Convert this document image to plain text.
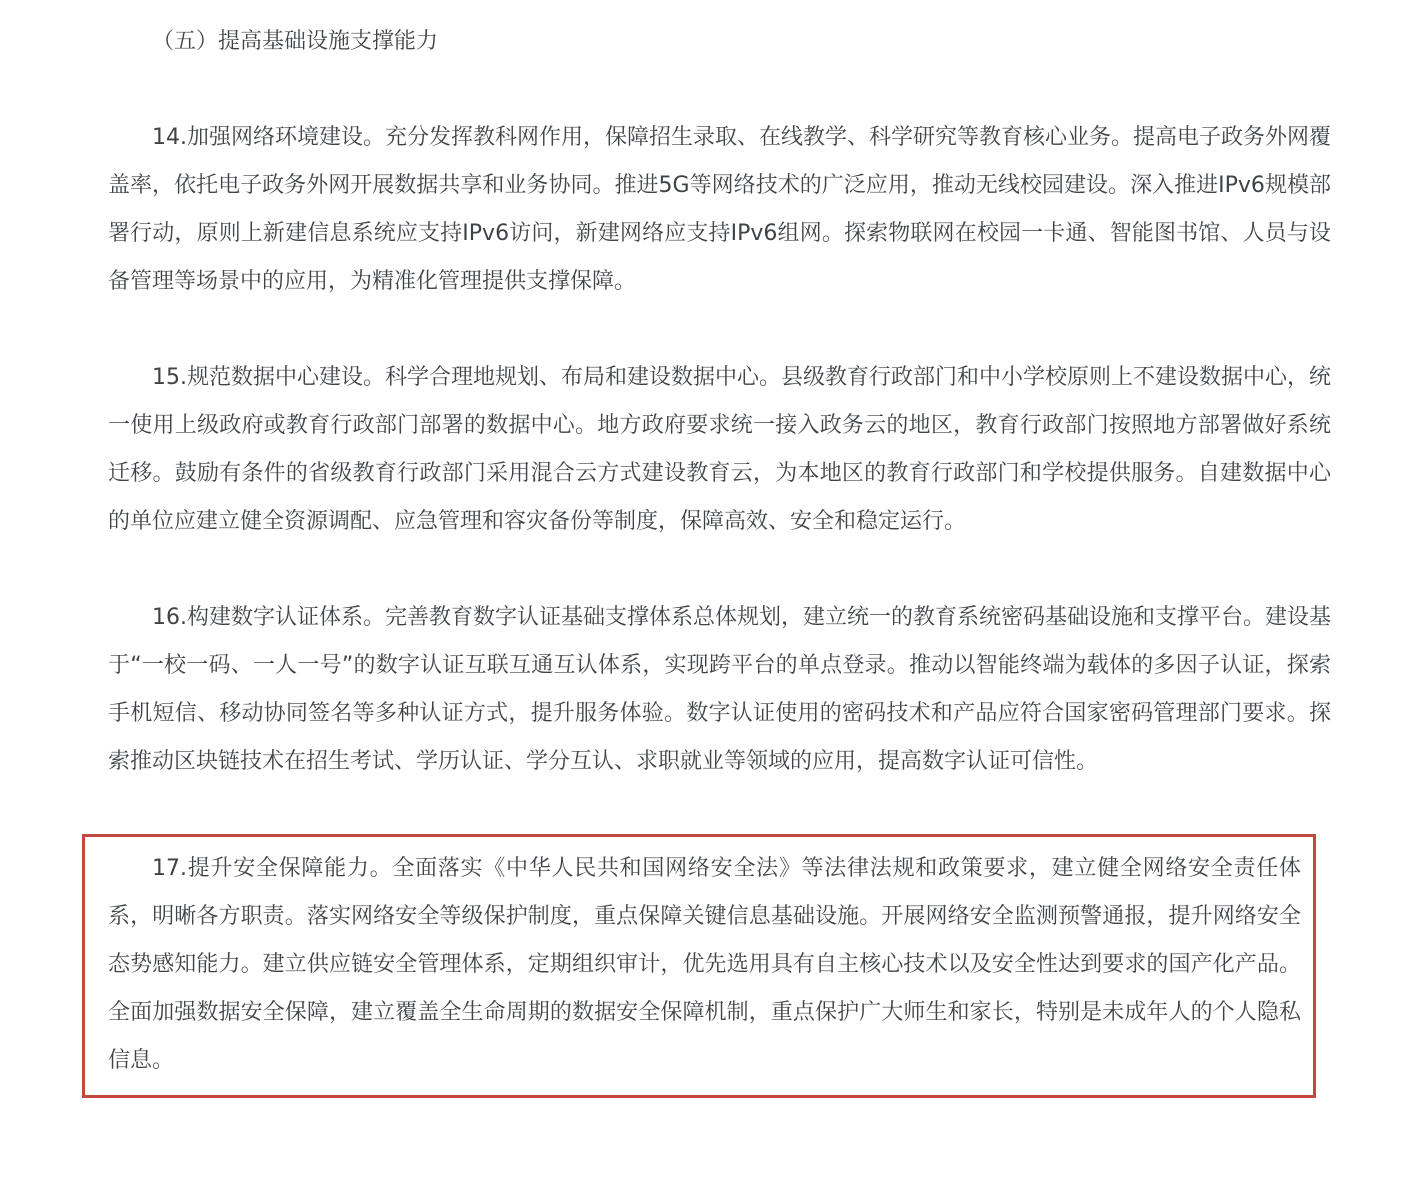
（五）提高基础设施支撑能力

14.加强网络环境建设。充分发挥教科网作用，保障招生录取、在线教学、科学研究等教育核心业务。提高电子政务外网覆盖率，依托电子政务外网开展数据共享和业务协同。推进5G等网络技术的广泛应用，推动无线校园建设。深入推进IPv6规模部署行动，原则上新建信息系统应支持IPv6访问，新建网络应支持IPv6组网。探索物联网在校园一卡通、智能图书馆、人员与设备管理等场景中的应用，为精准化管理提供支撑保障。

15.规范数据中心建设。科学合理地规划、布局和建设数据中心。县级教育行政部门和中小学校原则上不建设数据中心，统一使用上级政府或教育行政部门部署的数据中心。地方政府要求统一接入政务云的地区，教育行政部门按照地方部署做好系统迁移。鼓励有条件的省级教育行政部门采用混合云方式建设教育云，为本地区的教育行政部门和学校提供服务。自建数据中心的单位应建立健全资源调配、应急管理和容灾备份等制度，保障高效、安全和稳定运行。

16.构建数字认证体系。完善教育数字认证基础支撑体系总体规划，建立统一的教育系统密码基础设施和支撑平台。建设基于“一校一码、一人一号”的数字认证互联互通互认体系，实现跨平台的单点登录。推动以智能终端为载体的多因子认证，探索手机短信、移动协同签名等多种认证方式，提升服务体验。数字认证使用的密码技术和产品应符合国家密码管理部门要求。探索推动区块链技术在招生考试、学历认证、学分互认、求职就业等领域的应用，提高数字认证可信性。

17.提升安全保障能力。全面落实《中华人民共和国网络安全法》等法律法规和政策要求，建立健全网络安全责任体系，明晰各方职责。落实网络安全等级保护制度，重点保障关键信息基础设施。开展网络安全监测预警通报，提升网络安全态势感知能力。建立供应链安全管理体系，定期组织审计，优先选用具有自主核心技术以及安全性达到要求的国产化产品。全面加强数据安全保障，建立覆盖全生命周期的数据安全保障机制，重点保护广大师生和家长，特别是未成年人的个人隐私信息。
